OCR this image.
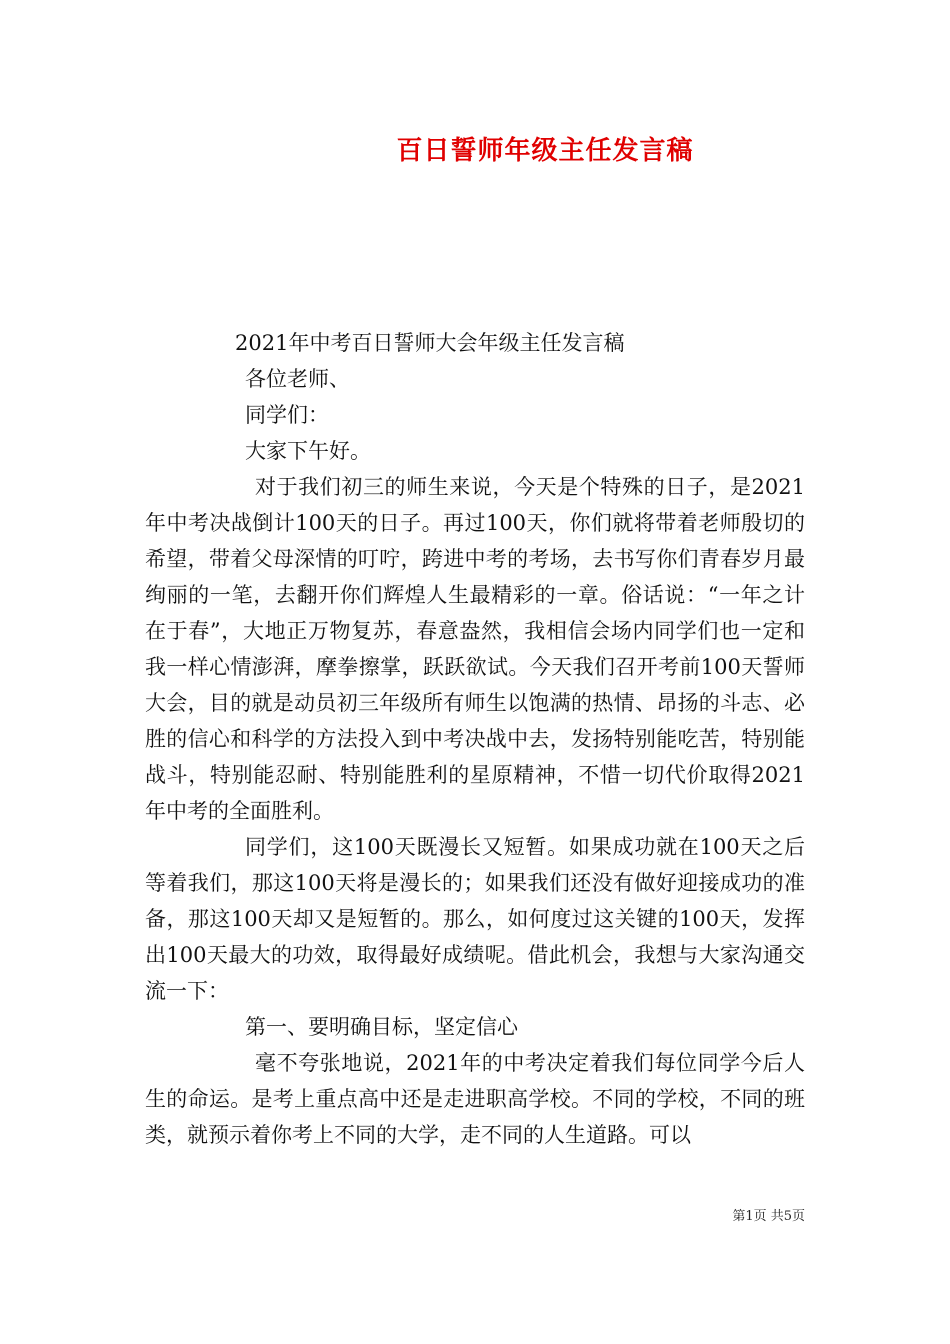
百日誓师年级主任发言稿
2021年中考百日誓师大会年级主任发言稿
各位老师、
同学们：
大家下午好。
对于我们初三的师生来说，今天是个特殊的日子，是2021年中考决战倒计100天的日子。再过100天，你们就将带着老师殷切的希望，带着父母深情的叮咛，跨进中考的考场，去书写你们青春岁月最绚丽的一笔，去翻开你们辉煌人生最精彩的一章。俗话说：“一年之计在于春”，大地正万物复苏，春意盎然，我相信会场内同学们也一定和我一样心情澎湃，摩拳擦掌，跃跃欲试。今天我们召开考前100天誓师大会，目的就是动员初三年级所有师生以饱满的热情、昂扬的斗志、必胜的信心和科学的方法投入到中考决战中去，发扬特别能吃苦，特别能战斗，特别能忍耐、特别能胜利的星原精神，不惜一切代价取得2021年中考的全面胜利。
同学们，这100天既漫长又短暂。如果成功就在100天之后等着我们，那这100天将是漫长的；如果我们还没有做好迎接成功的准备，那这100天却又是短暂的。那么，如何度过这关键的100天，发挥出100天最大的功效，取得最好成绩呢。借此机会，我想与大家沟通交流一下：
第一、要明确目标，坚定信心
毫不夸张地说，2021年的中考决定着我们每位同学今后人生的命运。是考上重点高中还是走进职高学校。不同的学校，不同的班类，就预示着你考上不同的大学，走不同的人生道路。可以
第1页 共5页
